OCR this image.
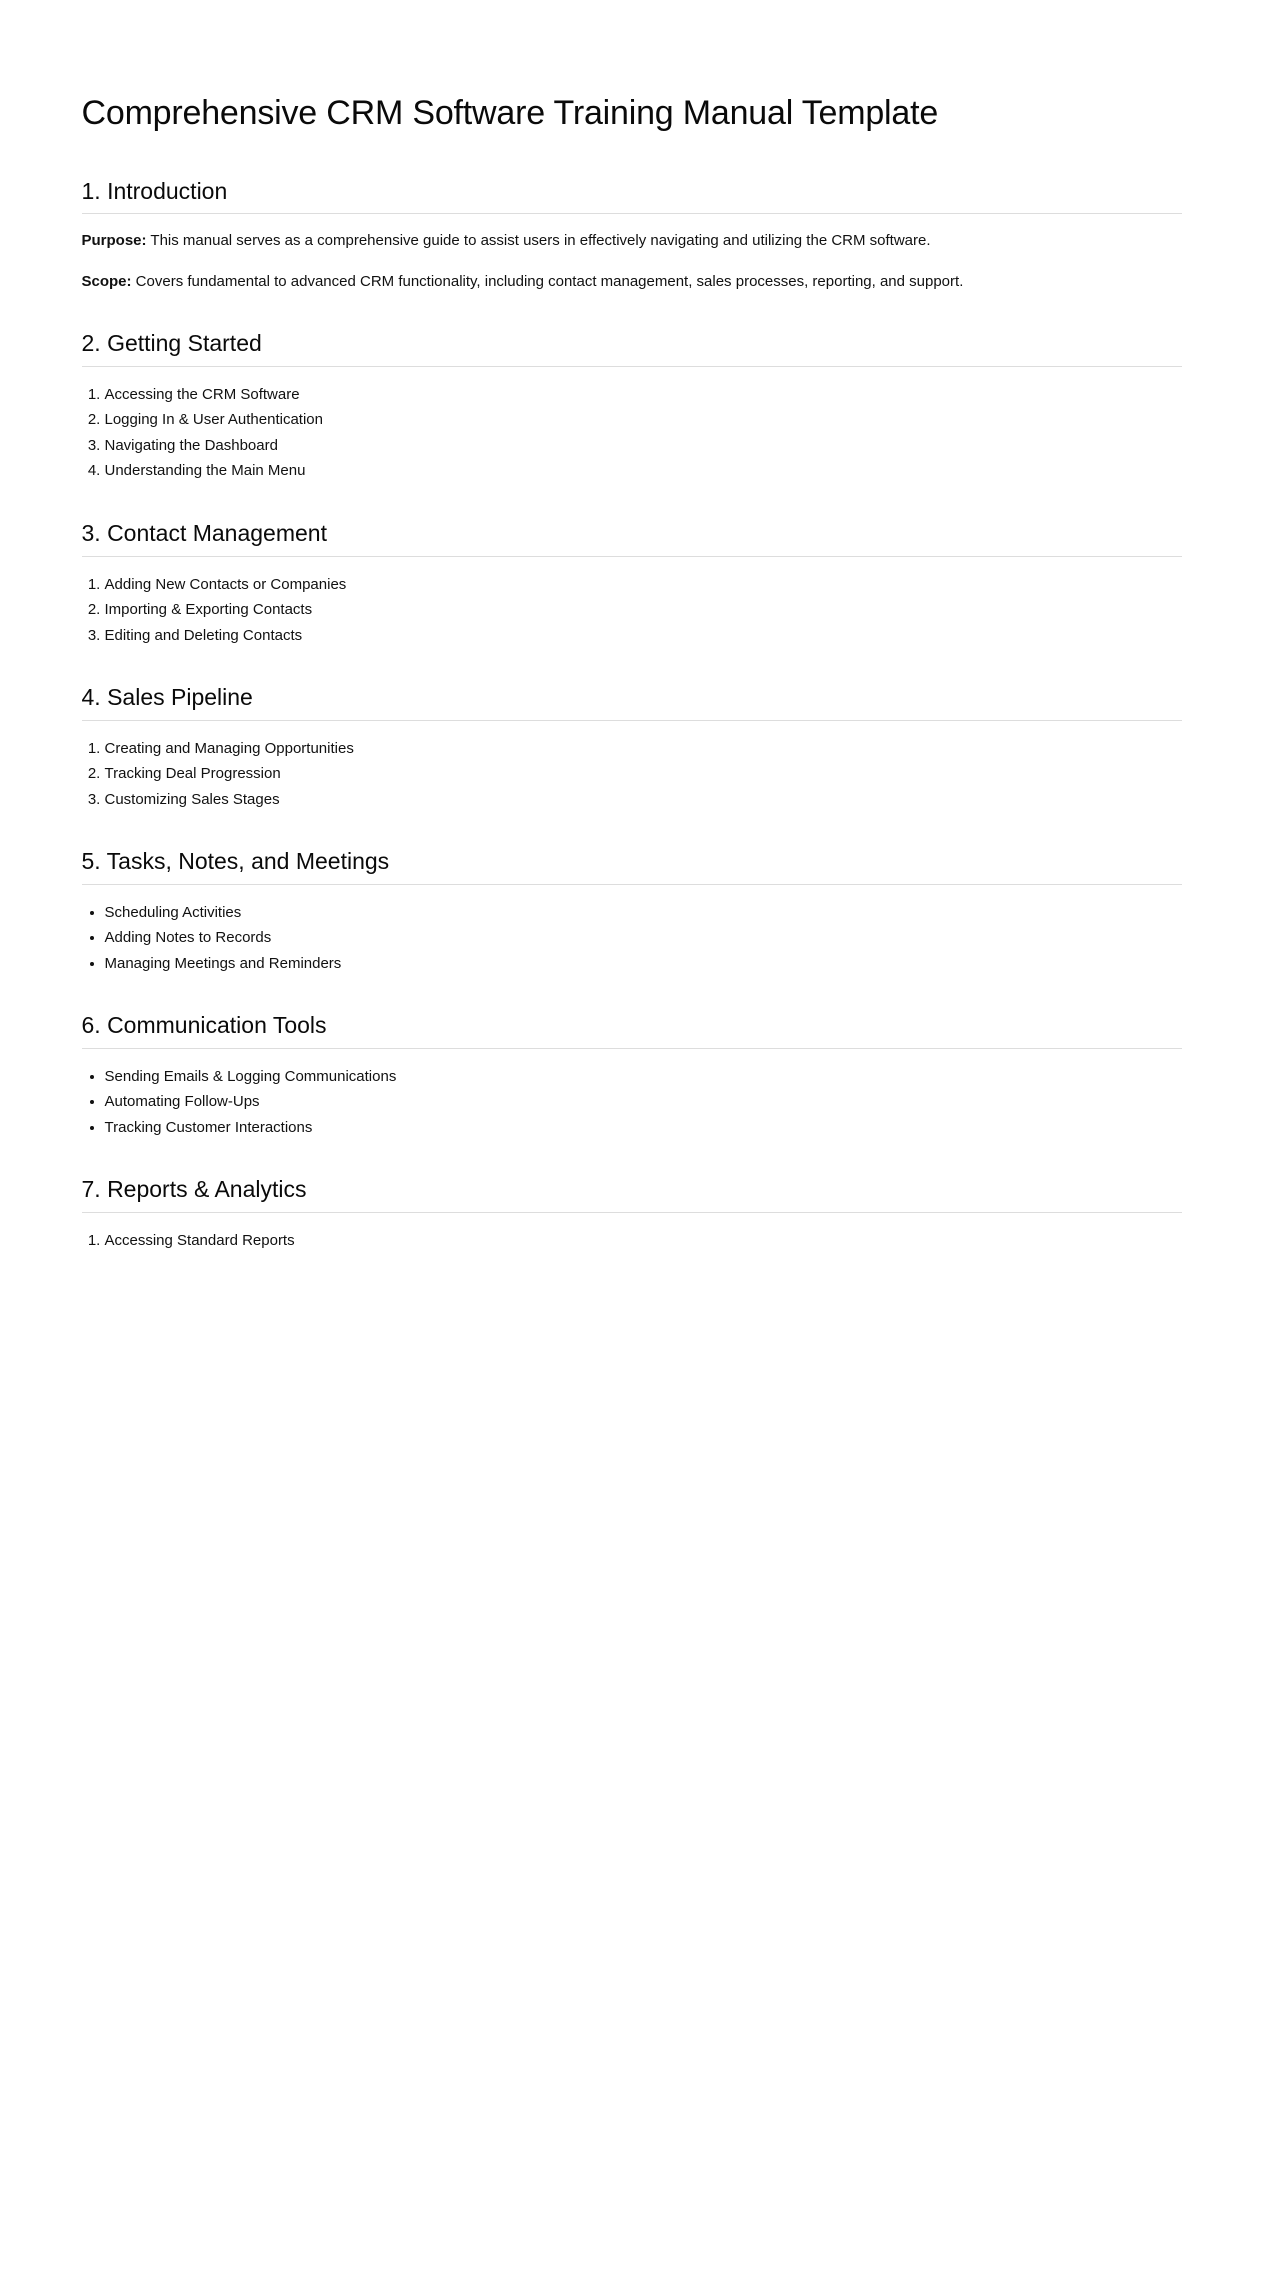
Comprehensive CRM Software Training Manual Template
1. Introduction

Purpose: This manual serves as a comprehensive guide to assist users in effectively navigating and utilizing the CRM software.

Scope: Covers fundamental to advanced CRM functionality, including contact management, sales processes, reporting, and support.

2. Getting Started
1. Accessing the CRM Software
2. Logging In & User Authentication
3. Navigating the Dashboard
4. Understanding the Main Menu
3. Contact Management
1. Adding New Contacts or Companies
2. Importing & Exporting Contacts
3. Editing and Deleting Contacts
4. Sales Pipeline
1. Creating and Managing Opportunities
2. Tracking Deal Progression
3. Customizing Sales Stages
5. Tasks, Notes, and Meetings
• Scheduling Activities
• Adding Notes to Records
• Managing Meetings and Reminders
6. Communication Tools
• Sending Emails & Logging Communications
• Automating Follow-Ups
• Tracking Customer Interactions
7. Reports & Analytics
1. Accessing Standard Reports
